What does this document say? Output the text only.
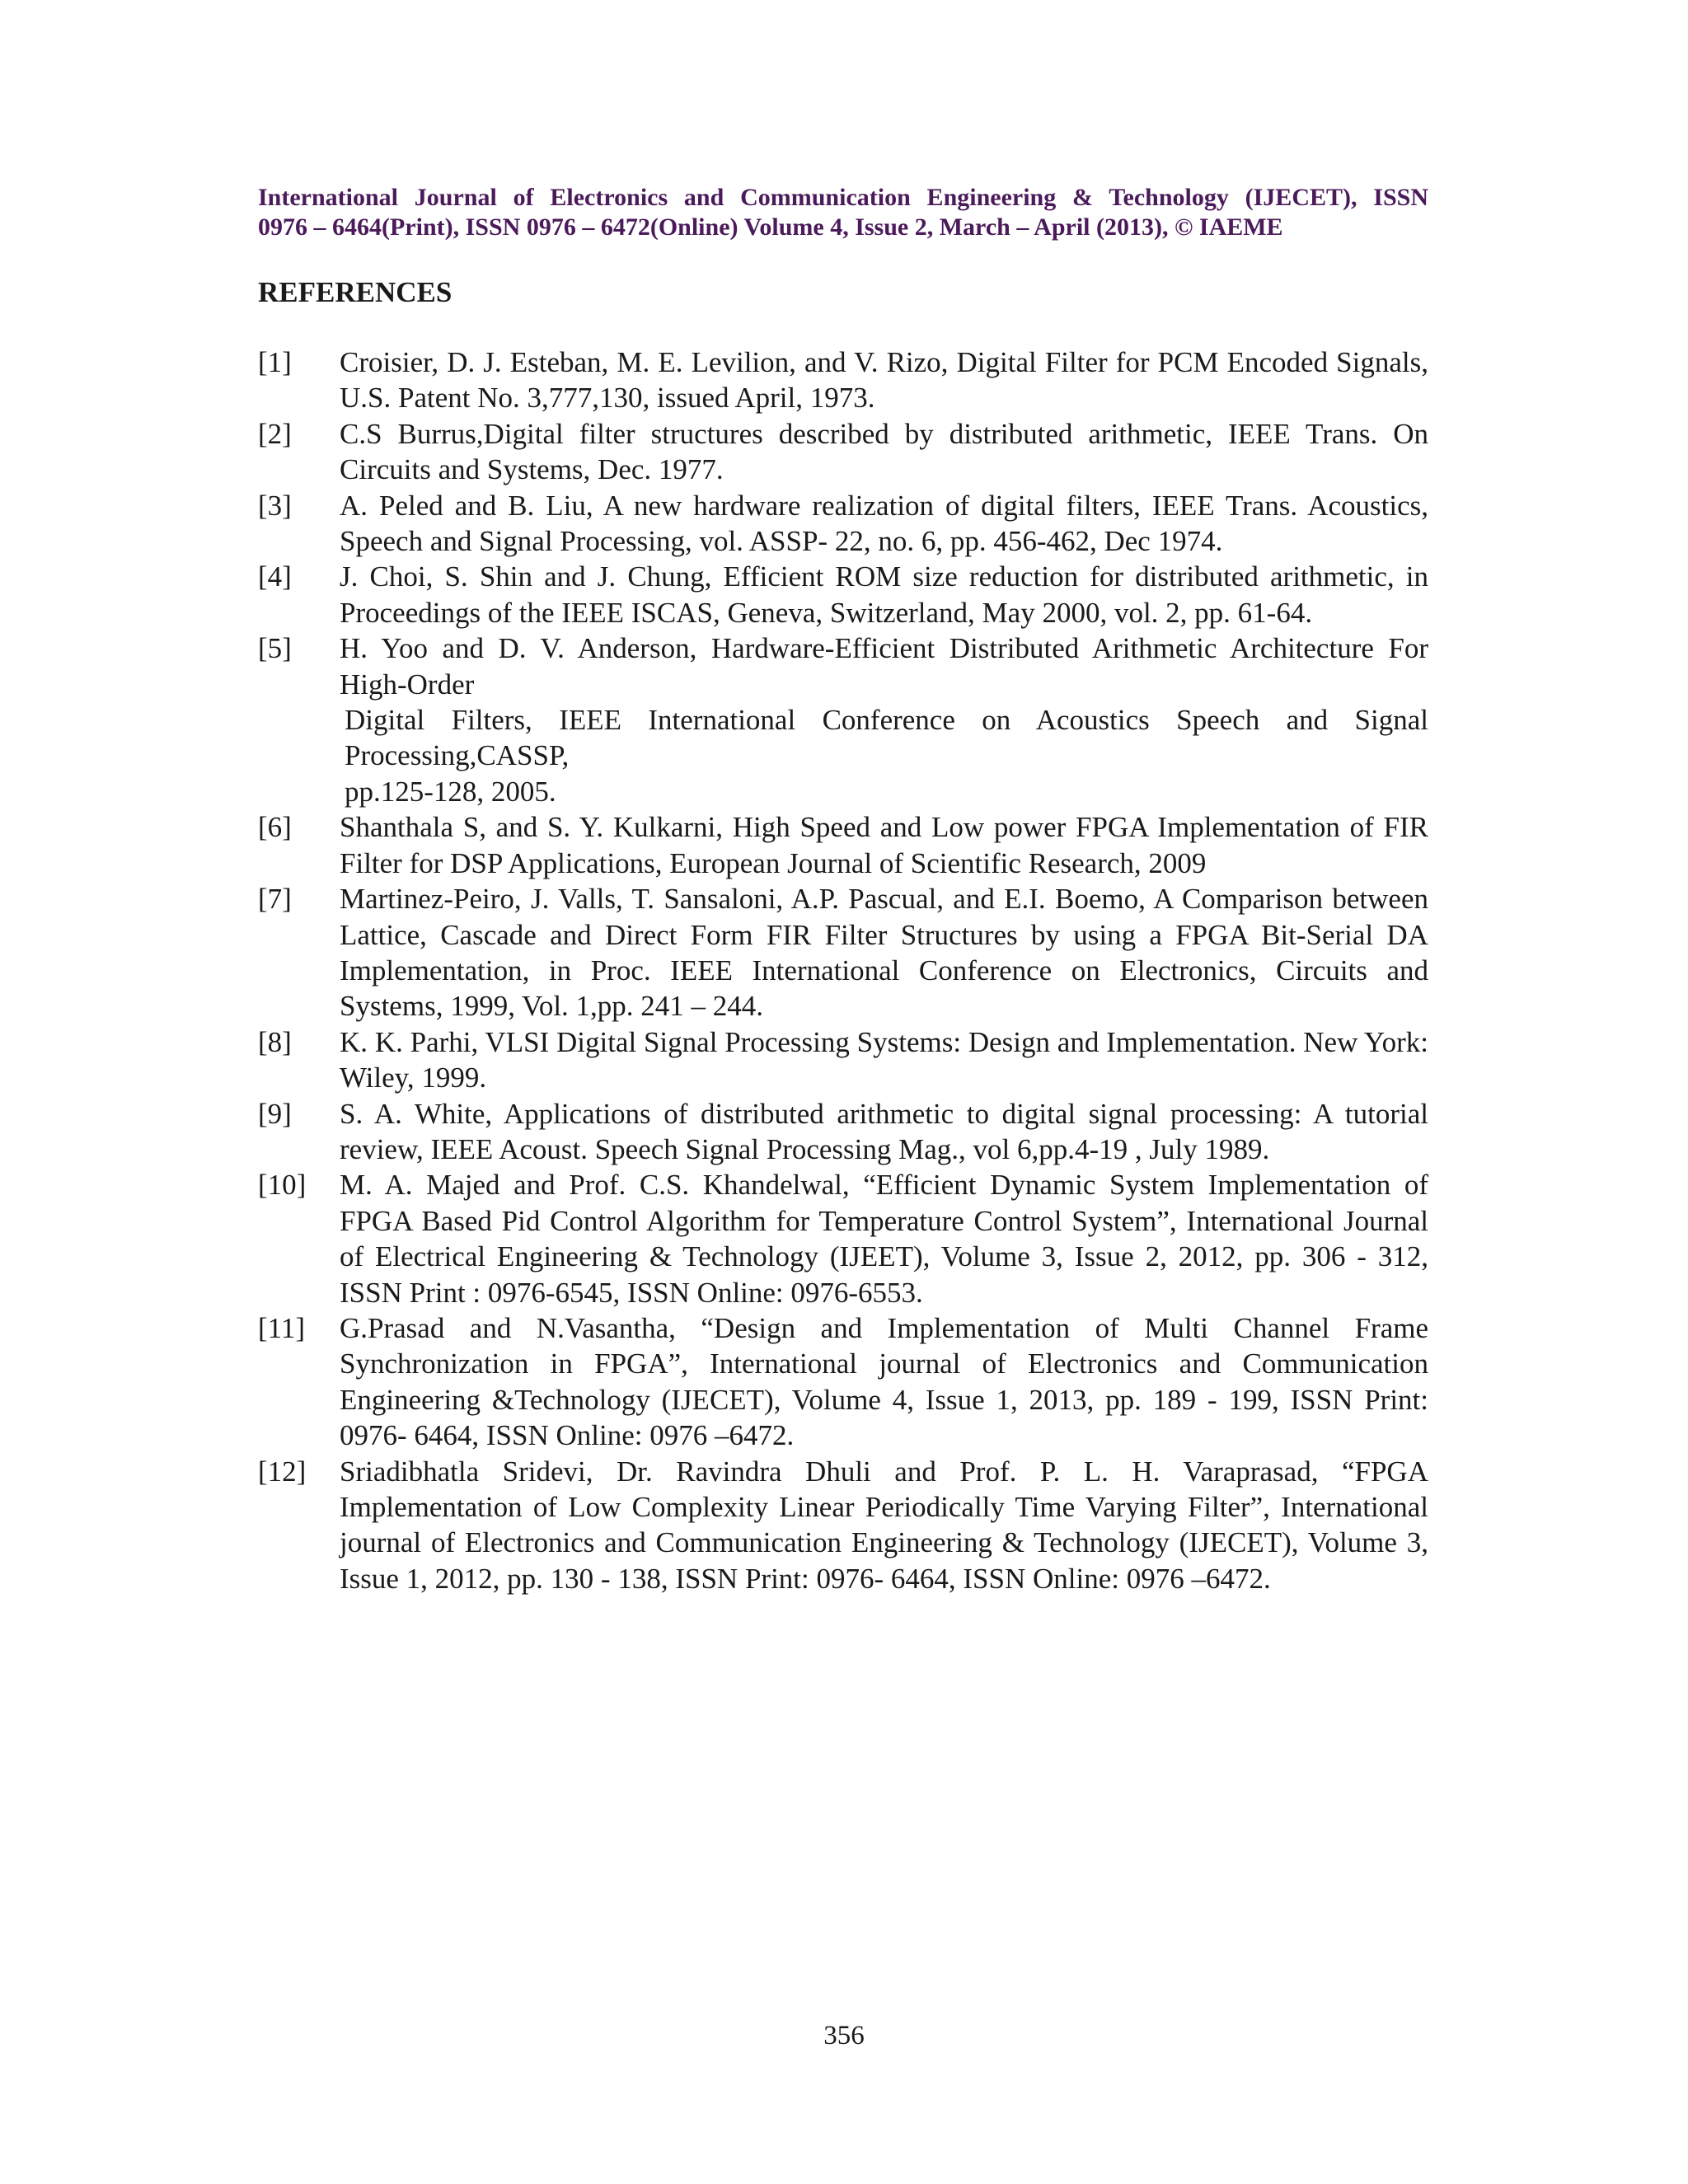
International Journal of Electronics and Communication Engineering & Technology (IJECET), ISSN
0976 – 6464(Print), ISSN 0976 – 6472(Online) Volume 4, Issue 2, March – April (2013), © IAEME
REFERENCES
[1]	Croisier, D. J. Esteban, M. E. Levilion, and V. Rizo, Digital Filter for PCM Encoded Signals, U.S. Patent No. 3,777,130, issued April, 1973.
[2]	C.S Burrus,Digital filter structures described by distributed arithmetic, IEEE Trans. On Circuits and Systems, Dec. 1977.
[3]	A. Peled and B. Liu, A new hardware realization of digital filters, IEEE Trans. Acoustics, Speech and Signal Processing, vol. ASSP- 22, no. 6, pp. 456-462, Dec 1974.
[4]	J. Choi, S. Shin and J. Chung, Efficient ROM size reduction for distributed arithmetic, in Proceedings of the IEEE ISCAS, Geneva, Switzerland, May 2000, vol. 2, pp. 61-64.
[5]	H. Yoo and D. V. Anderson, Hardware-Efficient Distributed Arithmetic Architecture For High-Order
Digital Filters, IEEE International Conference on Acoustics Speech and Signal Processing,CASSP,
pp.125-128, 2005.
[6]	Shanthala S, and S. Y. Kulkarni, High Speed and Low power FPGA Implementation of FIR Filter for DSP Applications, European Journal of Scientific Research, 2009
[7]	Martinez-Peiro, J. Valls, T. Sansaloni, A.P. Pascual, and E.I. Boemo, A Comparison between Lattice, Cascade and Direct Form FIR Filter Structures by using a FPGA Bit-Serial DA Implementation, in Proc. IEEE International Conference on Electronics, Circuits and Systems, 1999, Vol. 1,pp. 241 – 244.
[8]	K. K. Parhi, VLSI Digital Signal Processing Systems: Design and Implementation. New York: Wiley, 1999.
[9]	S. A. White, Applications of distributed arithmetic to digital signal processing: A tutorial review, IEEE Acoust. Speech Signal Processing Mag., vol 6,pp.4-19 , July 1989.
[10]	M. A. Majed and Prof. C.S. Khandelwal, “Efficient Dynamic System Implementation of FPGA Based Pid Control Algorithm for Temperature Control System”, International Journal of Electrical Engineering & Technology (IJEET), Volume 3, Issue 2, 2012, pp. 306 - 312, ISSN Print : 0976-6545, ISSN Online: 0976-6553.
[11]	G.Prasad and N.Vasantha, “Design and Implementation of Multi Channel Frame Synchronization in FPGA”, International journal of Electronics and Communication Engineering &Technology (IJECET), Volume 4, Issue 1, 2013, pp. 189 - 199, ISSN Print: 0976- 6464, ISSN Online: 0976 –6472.
[12]	Sriadibhatla Sridevi, Dr. Ravindra Dhuli and Prof. P. L. H. Varaprasad, “FPGA Implementation of Low Complexity Linear Periodically Time Varying Filter”, International journal of Electronics and Communication Engineering & Technology (IJECET), Volume 3, Issue 1, 2012, pp. 130 - 138, ISSN Print: 0976- 6464, ISSN Online: 0976 –6472.
356
